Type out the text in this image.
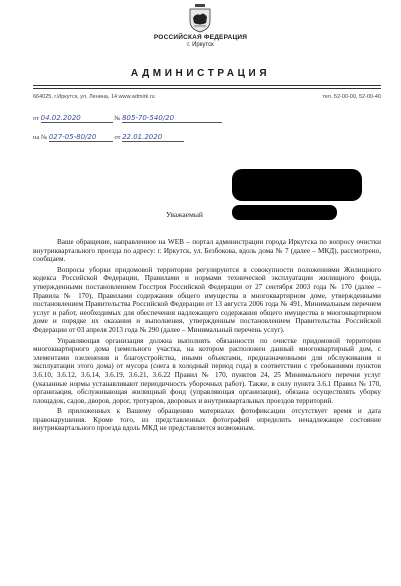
РОССИЙСКАЯ ФЕДЕРАЦИЯ
г. Иркутск
АДМИНИСТРАЦИЯ
664025, г.Иркутск, ул. Ленина, 14 www.admirk.ru	тел. 52-00-00, 52-00-40
от 04.02.2020	№ 805-70-540/20
на № 027-05-80/20	от 22.01.2020
Уважаемый

Ваше обращение, направленное на WEB – портал администрации города Иркутска по вопросу очистки внутриквартального проезда по адресу: г. Иркутск, ул. Безбокова, вдоль дома № 7 (далее – МКД), рассмотрено, сообщаем.

Вопросы уборки придомовой территории регулируются в совокупности положениями Жилищного кодекса Российской Федерации, Правилами и нормами технической эксплуатации жилищного фонда, утвержденными постановлением Госстроя Российской Федерации от 27 сентября 2003 года № 170 (далее – Правила № 170), Правилами содержания общего имущества в многоквартирном доме, утвержденными постановлением Правительства Российской Федерации от 13 августа 2006 года № 491, Минимальным перечнем услуг и работ, необходимых для обеспечения надлежащего содержания общего имущества в многоквартирном доме и порядке их оказания и выполнения, утвержденным постановлением Правительства Российской Федерации от 03 апреля 2013 года № 290 (далее – Минимальный перечень услуг).

Управляющая организация должна выполнять обязанности по очистке придомовой территории многоквартирного дома (земельного участка, на котором расположен данный многоквартирный дом, с элементами озеленения и благоустройства, иными объектами, предназначенными для обслуживания и эксплуатации этого дома) от мусора (снега в холодный период года) в соответствии с требованиями пунктов 3.6.10, 3.6.12, 3.6.14, 3.6.19, 3.6.21, 3.6.22 Правил № 170, пунктов 24, 25 Минимального перечня услуг (указанные нормы устанавливают периодичность уборочных работ). Также, в силу пункта 3.6.1 Правил № 170, организация, обслуживающая жилищный фонд (управляющая организация), обязана осуществлять уборку площадок, садов, дворов, дорог, тротуаров, дворовых и внутриквартальных проездов территорий.

В приложенных к Вашему обращению материалах фотофиксации отсутствует время и дата правонарушения. Кроме того, из представленных фотографий определить ненадлежащее состояние внутриквартального проезда вдоль МКД не представляется возможным.
